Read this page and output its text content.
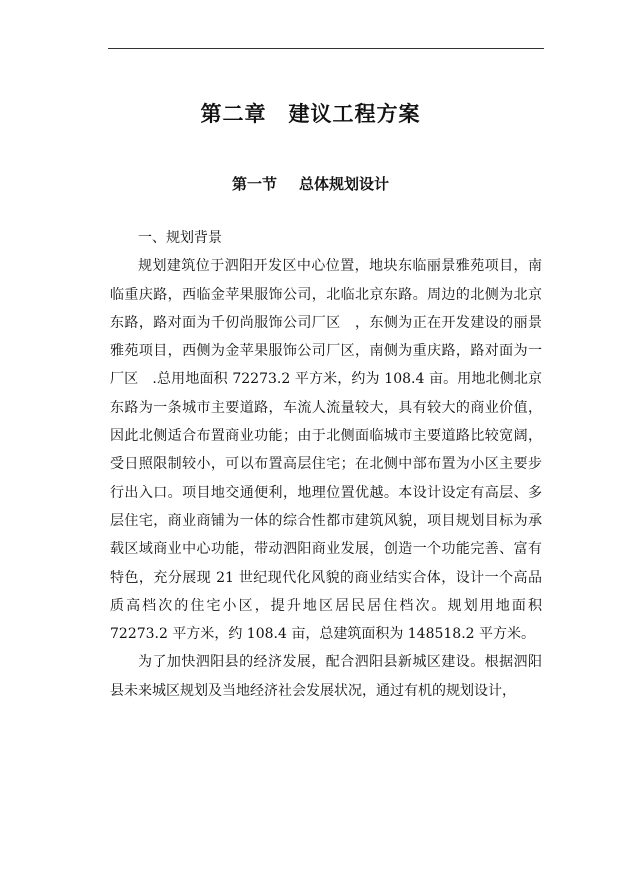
第二章 建议工程方案
第一节 总体规划设计

一、规划背景

规划建筑位于泗阳开发区中心位置，地块东临丽景雅苑项目，南临重庆路，西临金苹果服饰公司，北临北京东路。周边的北侧为北京东路，路对面为千仞尚服饰公司厂区　，东侧为正在开发建设的丽景雅苑项目，西侧为金苹果服饰公司厂区，南侧为重庆路，路对面为一厂区　.总用地面积 72273.2 平方米，约为 108.4 亩。用地北侧北京东路为一条城市主要道路，车流人流量较大，具有较大的商业价值，因此北侧适合布置商业功能；由于北侧面临城市主要道路比较宽阔，受日照限制较小，可以布置高层住宅；在北侧中部布置为小区主要步行出入口。项目地交通便利，地理位置优越。本设计设定有高层、多层住宅，商业商铺为一体的综合性都市建筑风貌，项目规划目标为承载区域商业中心功能，带动泗阳商业发展，创造一个功能完善、富有特色，充分展现 21 世纪现代化风貌的商业结实合体，设计一个高品质高档次的住宅小区，提升地区居民居住档次。规划用地面积 72273.2 平方米，约 108.4 亩，总建筑面积为 148518.2 平方米。

为了加快泗阳县的经济发展，配合泗阳县新城区建设。根据泗阳县未来城区规划及当地经济社会发展状况，通过有机的规划设计，
